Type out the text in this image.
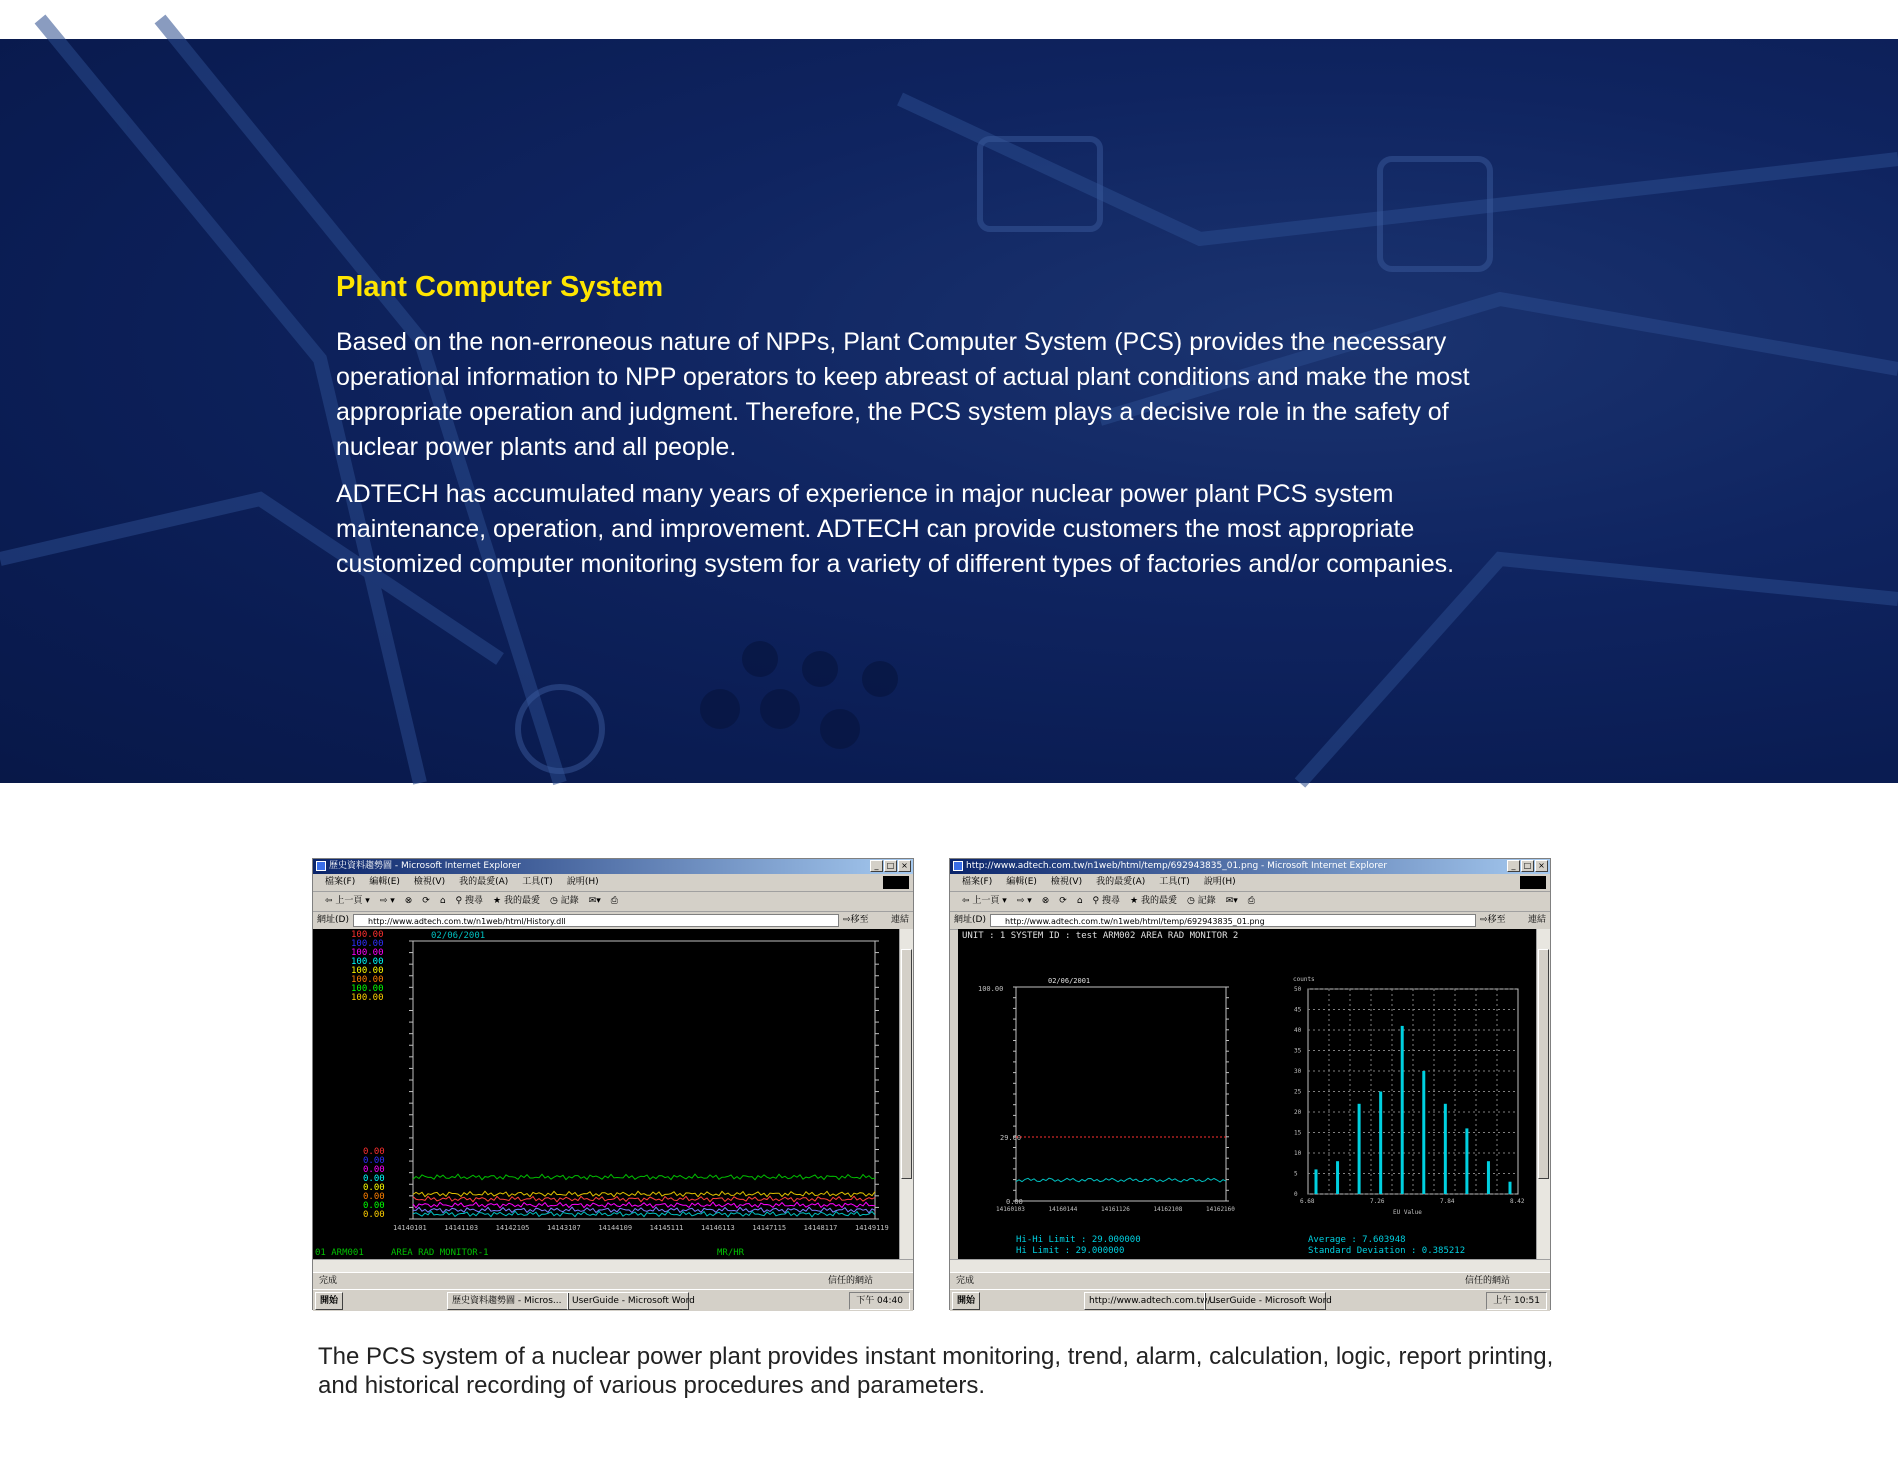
Plant Computer System

Based on the non-erroneous nature of NPPs, Plant Computer System (PCS) provides the necessary operational information to NPP operators to keep abreast of actual plant conditions and make the most appropriate operation and judgment. Therefore, the PCS system plays a decisive role in the safety of nuclear power plants and all people.

ADTECH has accumulated many years of experience in major nuclear power plant PCS system maintenance, operation, and improvement. ADTECH can provide customers the most appropriate customized computer monitoring system for a variety of different types of factories and/or companies.

歷史資料趨勢圖 - Microsoft Internet Explorer	_	□ ×
檔案(F) 編輯(E) 檢視(V) 我的最愛(A) 工具(T) 說明(H)
⇦ 上一頁 ▾ ⇨ ▾ ⊗ ⟳ ⌂ ⚲ 搜尋 ★ 我的最愛 ◷ 記錄 ✉▾ ⎙
網址(D)	http://www.adtech.com.tw/n1web/html/History.dll	⇨移至 連結
02/06/2001
100.00
100.00
100.00
100.00
100.00
100.00
100.00
100.00
0.00
0.00
0.00
0.00
0.00
0.00
0.00
0.00
14140101	14141103	14142105	14143107	14144109	14145111	14146113	14147115	14148117	14149119
01 ARM001	AREA RAD MONITOR-1	MR/HR
完成	信任的網站
開始	歷史資料趨勢圖 - Micros...	UserGuide - Microsoft Word	下午 04:40
http://www.adtech.com.tw/n1web/html/temp/692943835_01.png - Microsoft Internet Explorer	_	□ ×
檔案(F) 編輯(E) 檢視(V) 我的最愛(A) 工具(T) 說明(H)
⇦ 上一頁 ▾ ⇨ ▾ ⊗ ⟳ ⌂ ⚲ 搜尋 ★ 我的最愛 ◷ 記錄 ✉▾ ⎙
網址(D)	http://www.adtech.com.tw/n1web/html/temp/692943835_01.png	⇨移至 連結
UNIT : 1 SYSTEM ID : test ARM002 AREA RAD MONITOR 2
02/06/2001
100.00
29.00
0.00
14160103	14160144	14161126	14162108	14162160
counts
50
45
40
35
30
25
20
15
10
5
0
6.68	7.26	7.84	8.42
EU Value
Hi-Hi Limit : 29.000000
Hi Limit : 29.000000
Average : 7.603948
Standard Deviation : 0.385212
完成	信任的網站
開始	http://www.adtech.com.tw/...
UserGuide - Microsoft Word	上午 10:51

The PCS system of a nuclear power plant provides instant monitoring, trend, alarm, calculation, logic, report printing, and historical recording of various procedures and parameters.
